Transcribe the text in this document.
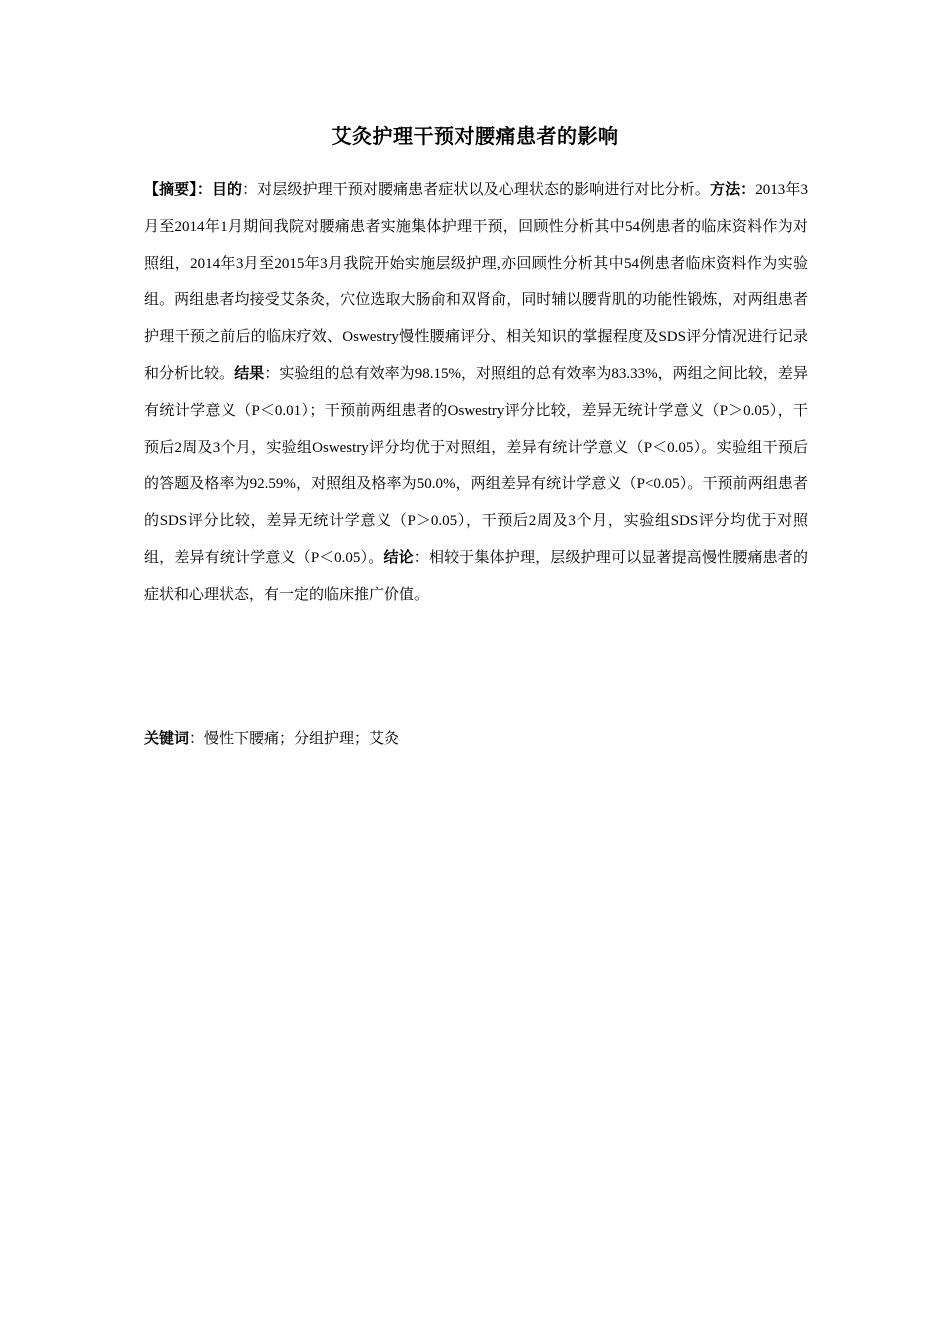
艾灸护理干预对腰痛患者的影响

【摘要】：目的：对层级护理干预对腰痛患者症状以及心理状态的影响进行对比分析。方法：2013年3月至2014年1月期间我院对腰痛患者实施集体护理干预，回顾性分析其中54例患者的临床资料作为对照组，2014年3月至2015年3月我院开始实施层级护理,亦回顾性分析其中54例患者临床资料作为实验组。两组患者均接受艾条灸，穴位选取大肠俞和双肾俞，同时辅以腰背肌的功能性锻炼，对两组患者护理干预之前后的临床疗效、Oswestry慢性腰痛评分、相关知识的掌握程度及SDS评分情况进行记录和分析比较。结果：实验组的总有效率为98.15%，对照组的总有效率为83.33%，两组之间比较，差异有统计学意义（P＜0.01）；干预前两组患者的Oswestry评分比较，差异无统计学意义（P＞0.05），干预后2周及3个月，实验组Oswestry评分均优于对照组，差异有统计学意义（P＜0.05）。实验组干预后的答题及格率为92.59%，对照组及格率为50.0%，两组差异有统计学意义（P<0.05）。干预前两组患者的SDS评分比较，差异无统计学意义（P＞0.05），干预后2周及3个月，实验组SDS评分均优于对照组，差异有统计学意义（P＜0.05）。结论：相较于集体护理，层级护理可以显著提高慢性腰痛患者的症状和心理状态，有一定的临床推广价值。

关键词：慢性下腰痛；分组护理；艾灸
